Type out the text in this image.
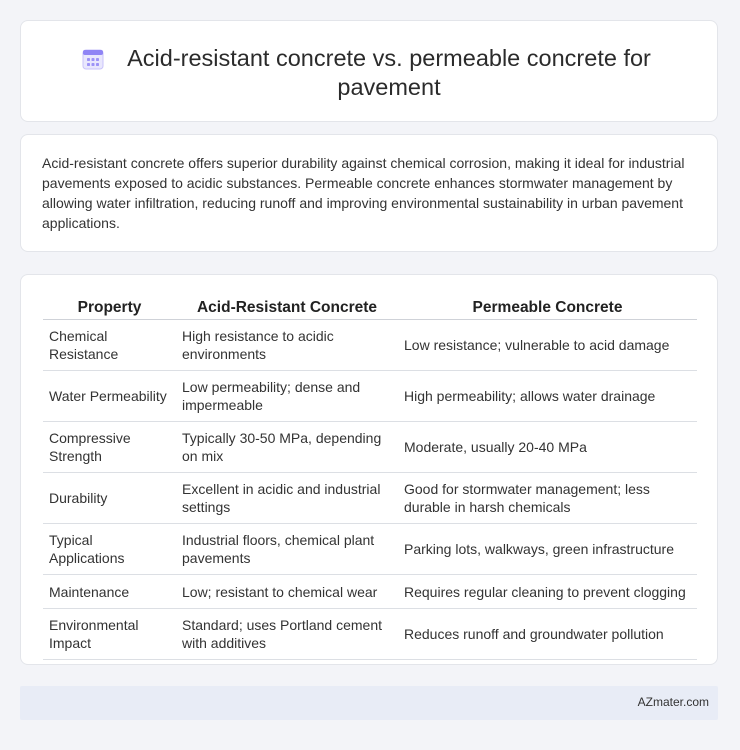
Acid-resistant concrete vs. permeable concrete for pavement

Acid-resistant concrete offers superior durability against chemical corrosion, making it ideal for industrial pavements exposed to acidic substances. Permeable concrete enhances stormwater management by allowing water infiltration, reducing runoff and improving environmental sustainability in urban pavement applications.

Property	Acid-Resistant Concrete	Permeable Concrete
Chemical Resistance	High resistance to acidic environments	Low resistance; vulnerable to acid damage
Water Permeability	Low permeability; dense and impermeable	High permeability; allows water drainage
Compressive Strength	Typically 30-50 MPa, depending on mix	Moderate, usually 20-40 MPa
Durability	Excellent in acidic and industrial settings	Good for stormwater management; less durable in harsh chemicals
Typical Applications	Industrial floors, chemical plant pavements	Parking lots, walkways, green infrastructure
Maintenance	Low; resistant to chemical wear	Requires regular cleaning to prevent clogging
Environmental Impact	Standard; uses Portland cement with additives	Reduces runoff and groundwater pollution
AZmater.com
